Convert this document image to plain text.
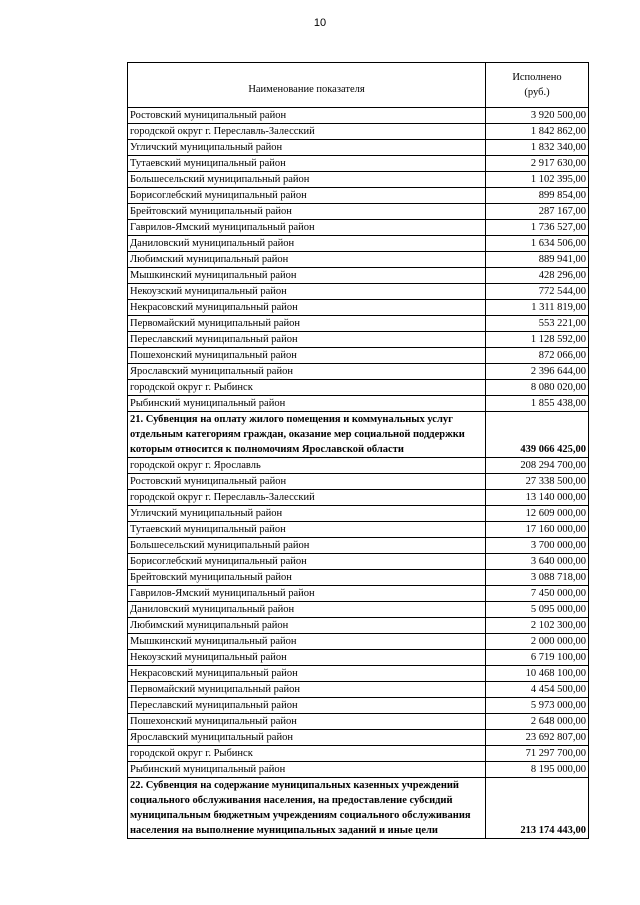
10
Наименование показателя	Исполнено
(руб.)

Ростовский муниципальный район	3 920 500,00
городской округ г. Переславль-Залесский	1 842 862,00
Угличский муниципальный район	1 832 340,00
Тутаевский муниципальный район	2 917 630,00
Большесельский муниципальный район	1 102 395,00
Борисоглебский муниципальный район	899 854,00
Брейтовский муниципальный район	287 167,00
Гаврилов-Ямский муниципальный район	1 736 527,00
Даниловский муниципальный район	1 634 506,00
Любимский муниципальный район	889 941,00
Мышкинский муниципальный район	428 296,00
Некоузский муниципальный район	772 544,00
Некрасовский муниципальный район	1 311 819,00
Первомайский муниципальный район	553 221,00
Переславский муниципальный район	1 128 592,00
Пошехонский муниципальный район	872 066,00
Ярославский муниципальный район	2 396 644,00
городской округ г. Рыбинск	8 080 020,00
Рыбинский муниципальный район	1 855 438,00
21. Субвенция на оплату жилого помещения и коммунальных услуг отдельным категориям граждан, оказание мер социальной поддержки которым относится к полномочиям Ярославской области	439 066 425,00
городской округ г. Ярославль	208 294 700,00
Ростовский муниципальный район	27 338 500,00
городской округ г. Переславль-Залесский	13 140 000,00
Угличский муниципальный район	12 609 000,00
Тутаевский муниципальный район	17 160 000,00
Большесельский муниципальный район	3 700 000,00
Борисоглебский муниципальный район	3 640 000,00
Брейтовский муниципальный район	3 088 718,00
Гаврилов-Ямский муниципальный район	7 450 000,00
Даниловский муниципальный район	5 095 000,00
Любимский муниципальный район	2 102 300,00
Мышкинский муниципальный район	2 000 000,00
Некоузский муниципальный район	6 719 100,00
Некрасовский муниципальный район	10 468 100,00
Первомайский муниципальный район	4 454 500,00
Переславский муниципальный район	5 973 000,00
Пошехонский муниципальный район	2 648 000,00
Ярославский муниципальный район	23 692 807,00
городской округ г. Рыбинск	71 297 700,00
Рыбинский муниципальный район	8 195 000,00
22. Субвенция на содержание муниципальных казенных учреждений социального обслуживания населения, на предоставление субсидий муниципальным бюджетным учреждениям социального обслуживания населения на выполнение муниципальных заданий и иные цели	213 174 443,00
